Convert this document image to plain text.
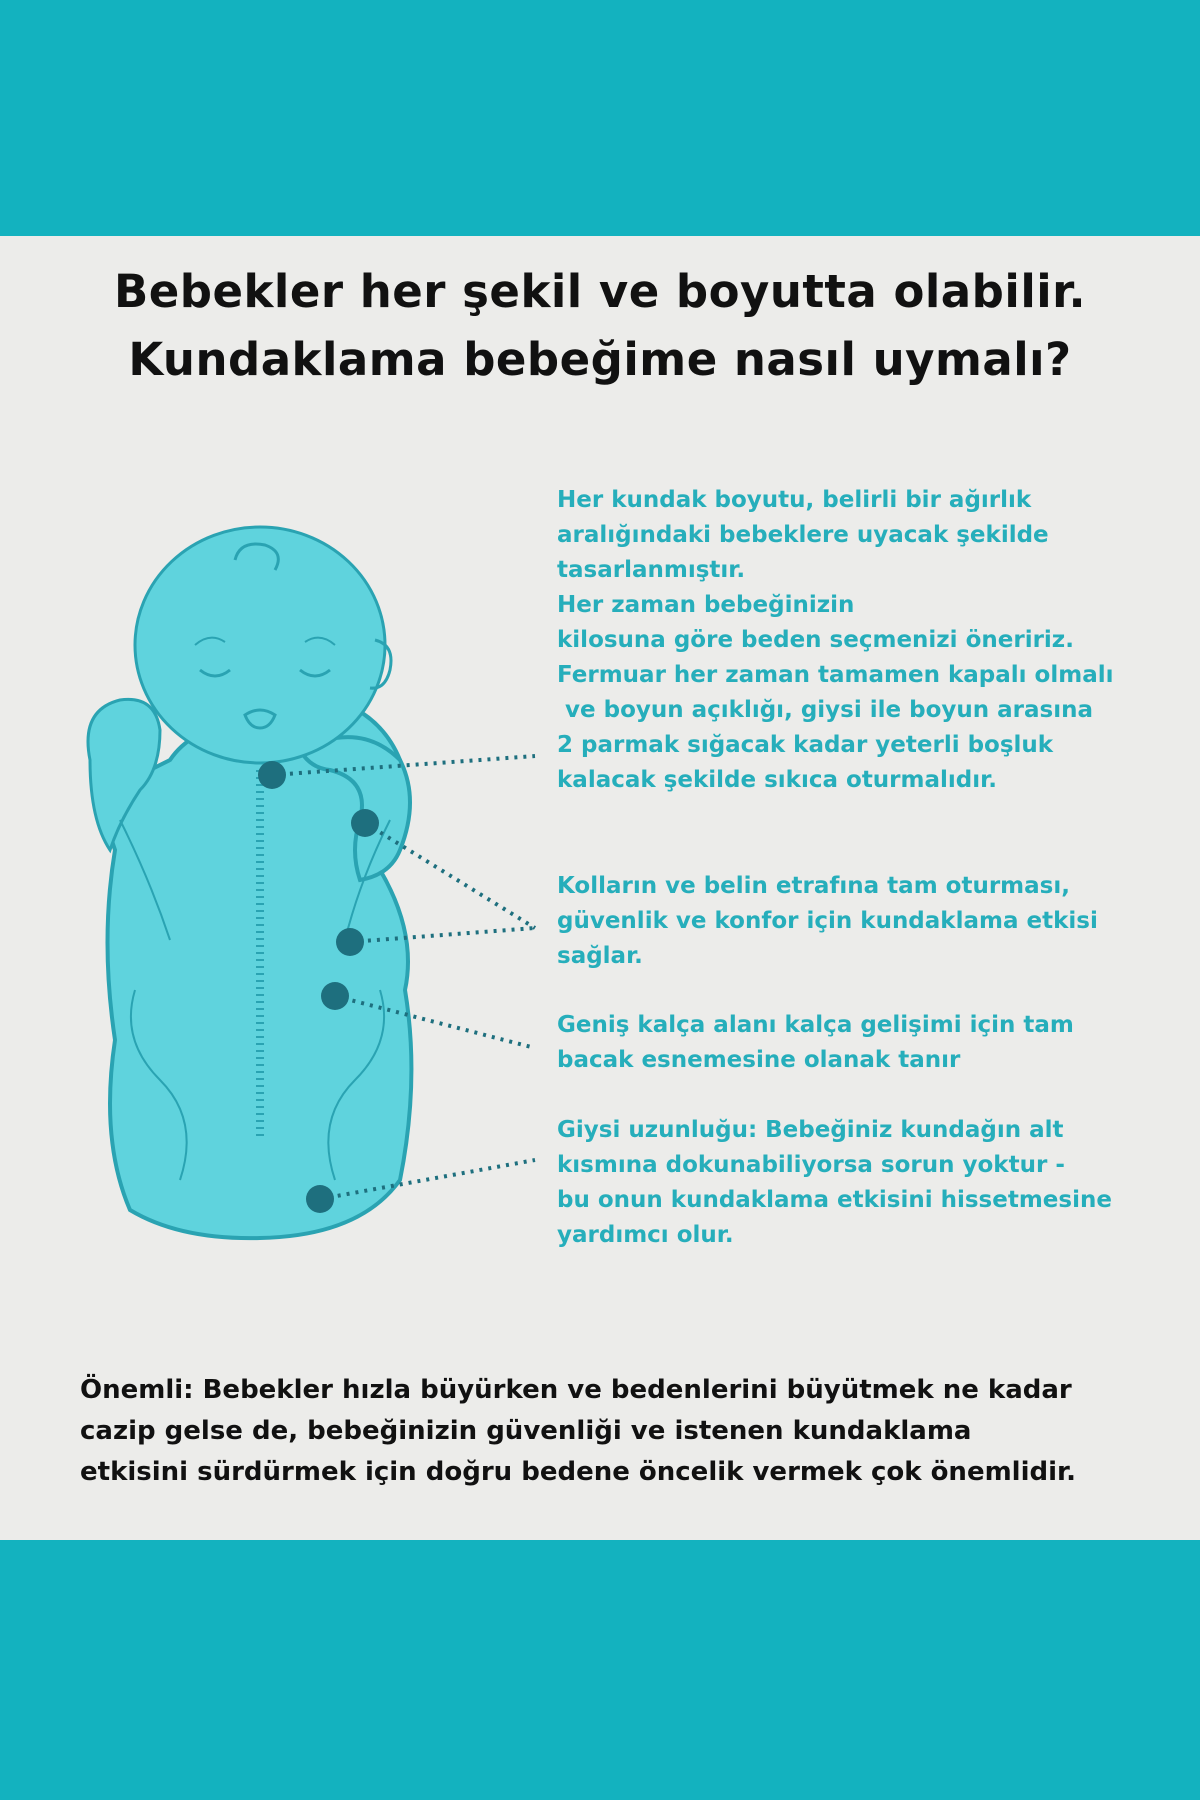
Bebekler her şekil ve boyutta olabilir.
Kundaklama bebeğime nasıl uymalı?
Her kundak boyutu, belirli bir ağırlık
aralığındaki bebeklere uyacak şekilde
tasarlanmıştır.
Her zaman bebeğinizin
kilosuna göre beden seçmenizi öneririz.
Fermuar her zaman tamamen kapalı olmalı
ve boyun açıklığı, giysi ile boyun arasına
2 parmak sığacak kadar yeterli boşluk
kalacak şekilde sıkıca oturmalıdır.
Kolların ve belin etrafına tam oturması,
güvenlik ve konfor için kundaklama etkisi
sağlar.
Geniş kalça alanı kalça gelişimi için tam
bacak esnemesine olanak tanır
Giysi uzunluğu: Bebeğiniz kundağın alt
kısmına dokunabiliyorsa sorun yoktur -
bu onun kundaklama etkisini hissetmesine
yardımcı olur.
Önemli: Bebekler hızla büyürken ve bedenlerini büyütmek ne kadar
cazip gelse de, bebeğinizin güvenliği ve istenen kundaklama
etkisini sürdürmek için doğru bedene öncelik vermek çok önemlidir.
